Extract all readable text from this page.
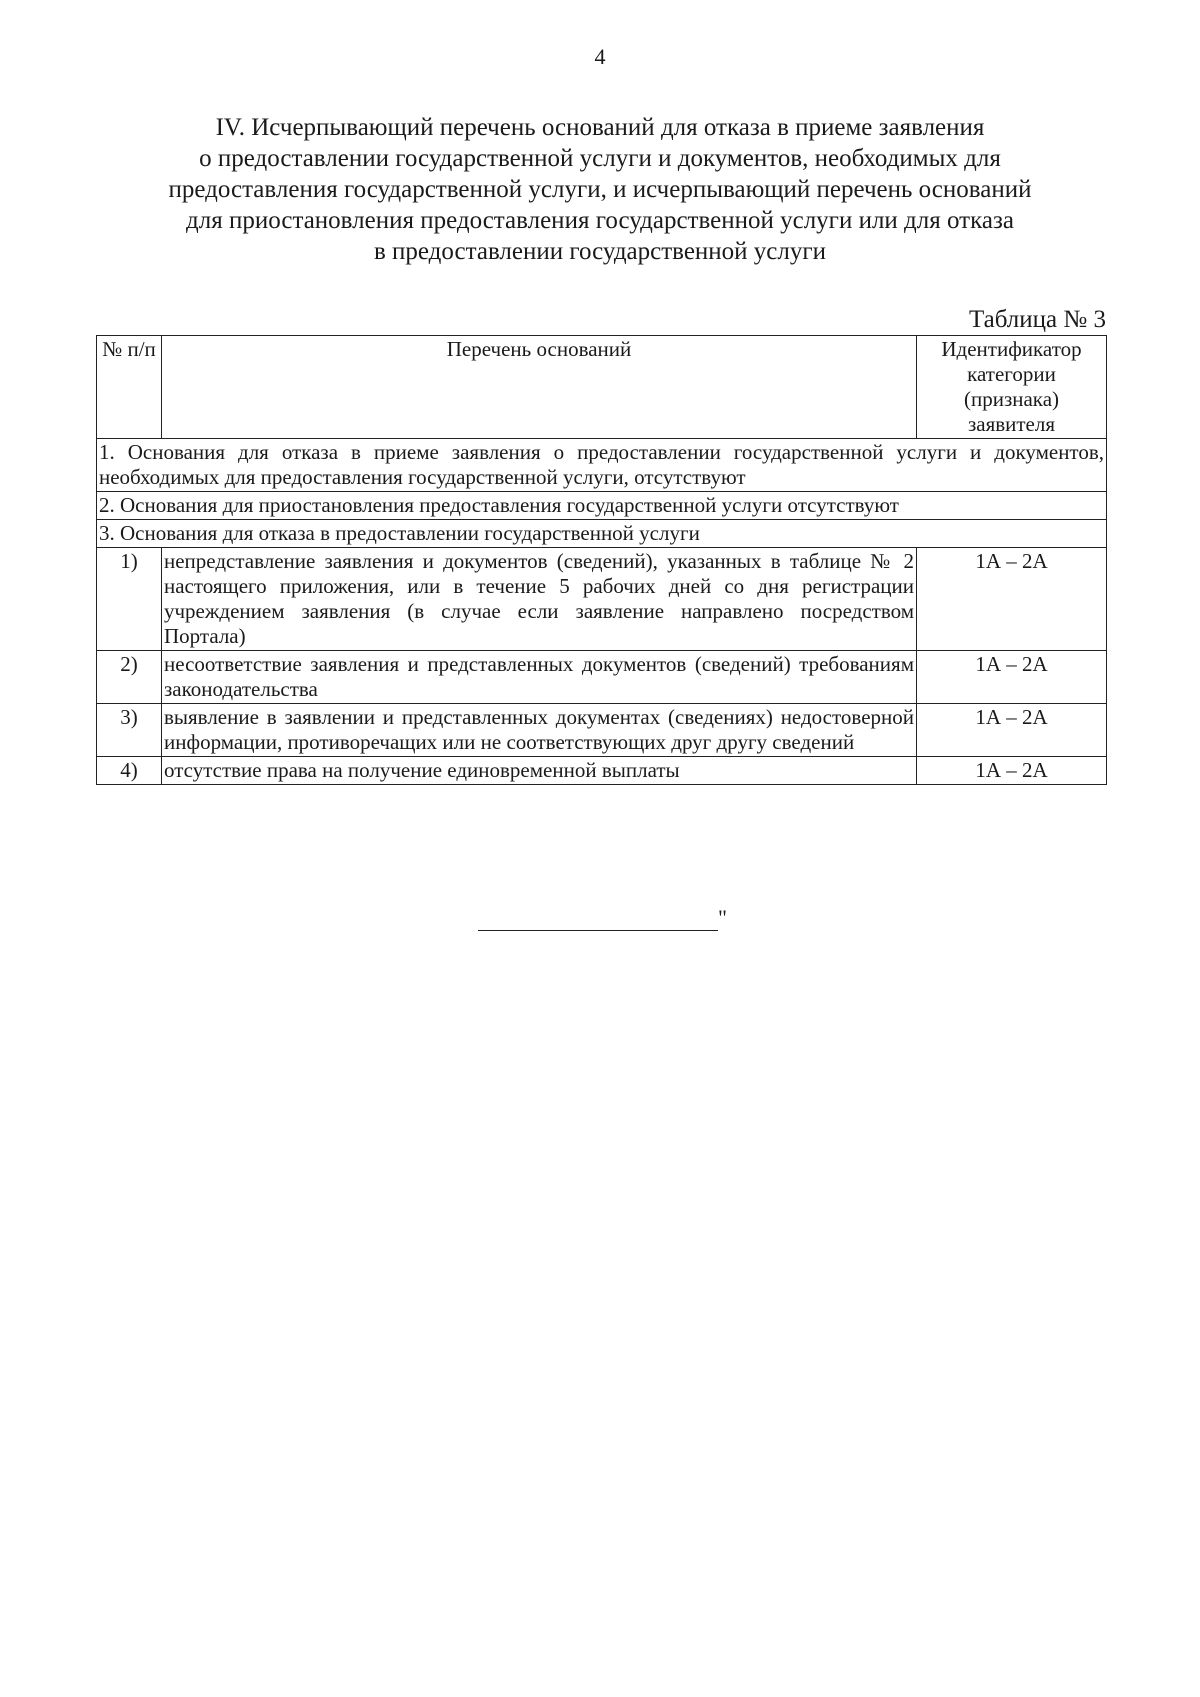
4
IV. Исчерпывающий перечень оснований для отказа в приеме заявления
о предоставлении государственной услуги и документов, необходимых для
предоставления государственной услуги, и исчерпывающий перечень оснований
для приостановления предоставления государственной услуги или для отказа
в предоставлении государственной услуги
Таблица № 3
№ п/п	Перечень оснований	Идентификатор категории (признака) заявителя
1. Основания для отказа в приеме заявления о предоставлении государственной услуги и документов, необходимых для предоставления государственной услуги, отсутствуют		
2. Основания для приостановления предоставления государственной услуги отсутствуют		
3. Основания для отказа в предоставлении государственной услуги		
1)	непредставление заявления и документов (сведений), указанных в таблице № 2 настоящего приложения, или в течение 5 рабочих дней со дня регистрации учреждением заявления (в случае если заявление направлено посредством Портала)	1А – 2А
2)	несоответствие заявления и представленных документов (сведений) требованиям законодательства	1А – 2А
3)	выявление в заявлении и представленных документах (сведениях) недостоверной информации, противоречащих или не соответствующих друг другу сведений	1А – 2А
4)	отсутствие права на получение единовременной выплаты	1А – 2А
"
